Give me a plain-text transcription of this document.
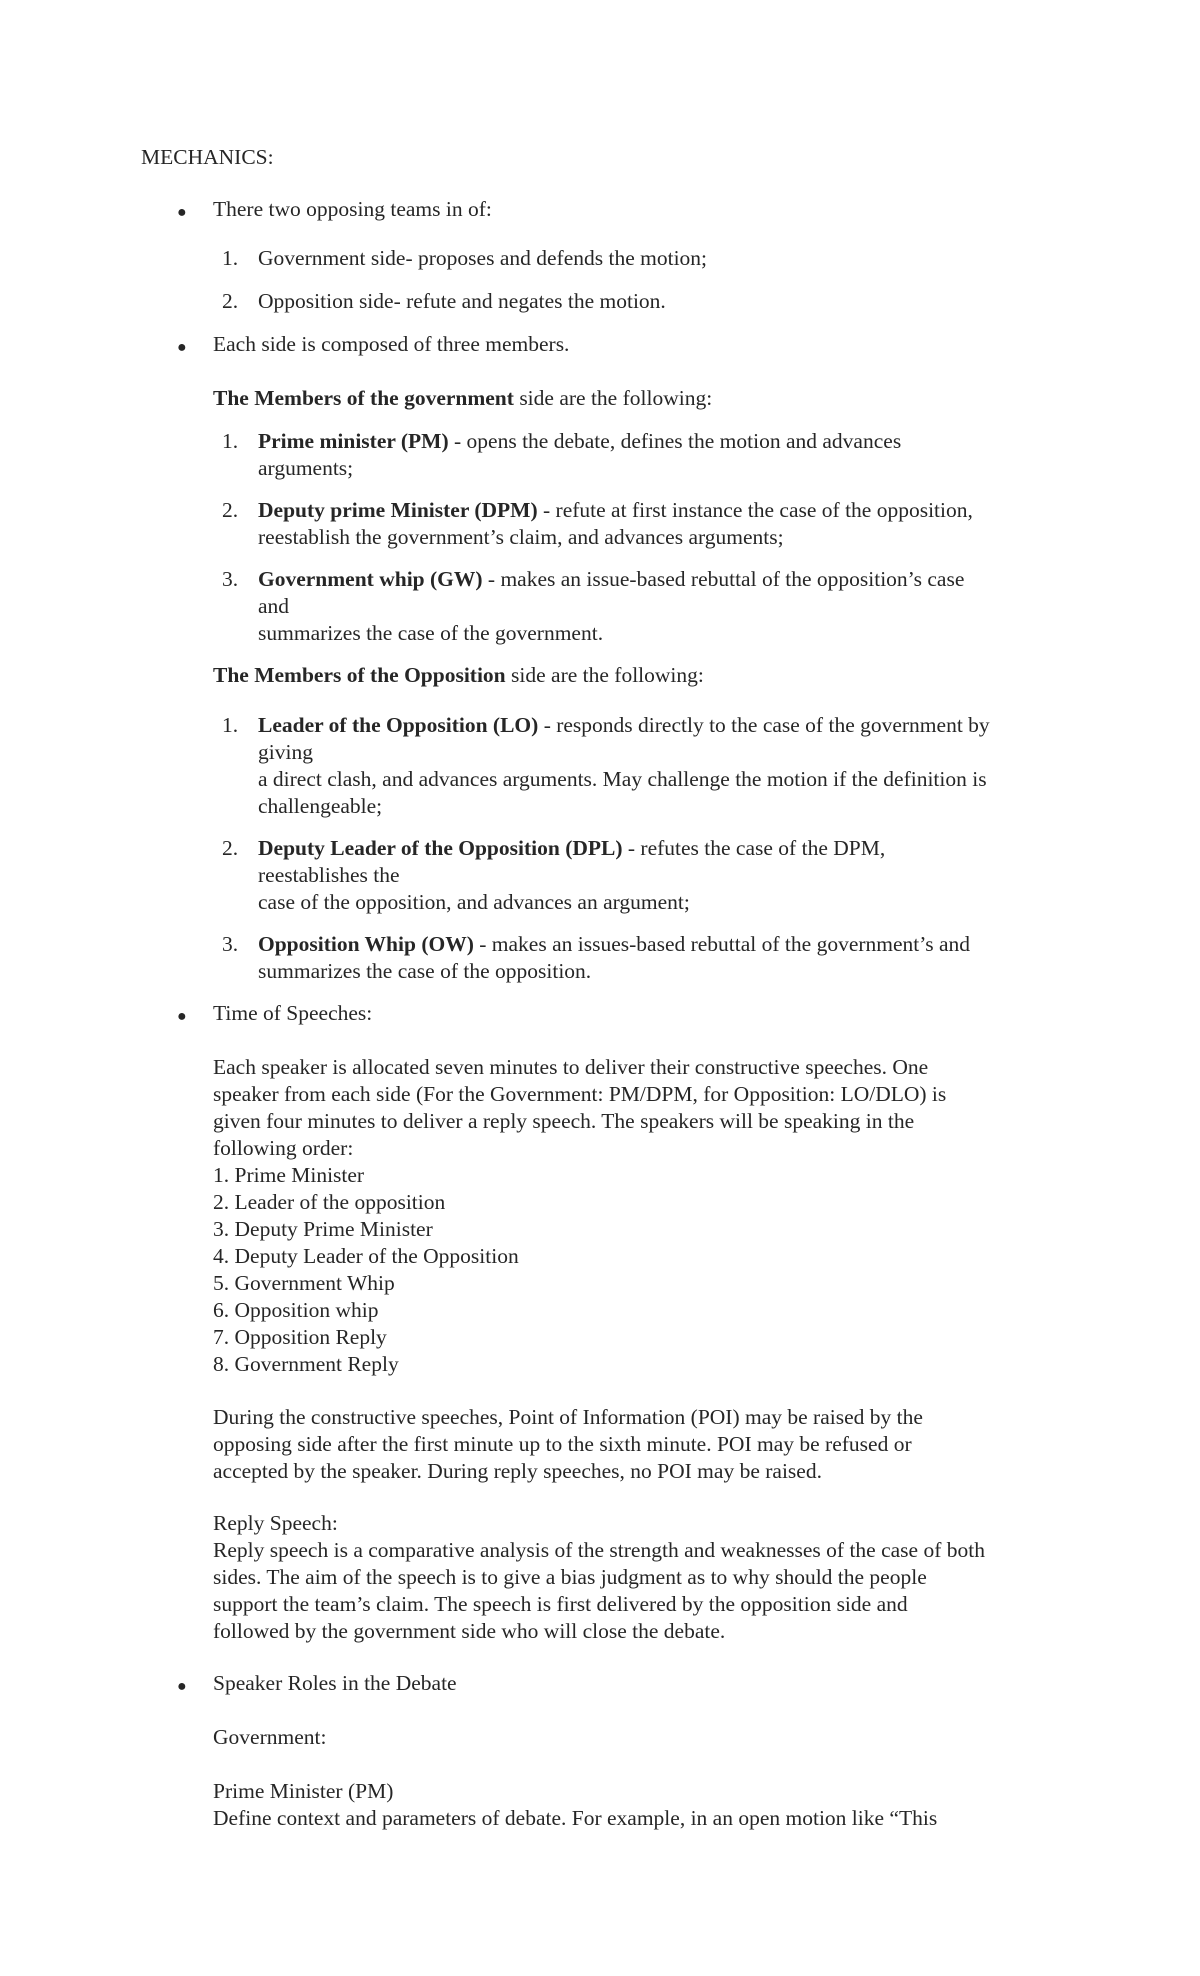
MECHANICS:
● There two opposing teams in of:
1. Government side- proposes and defends the motion;
2. Opposition side- refute and negates the motion.
● Each side is composed of three members.
The Members of the government side are the following:
1. Prime minister (PM) - opens the debate, defines the motion and advances
arguments;
2. Deputy prime Minister (DPM) - refute at first instance the case of the opposition,
reestablish the government’s claim, and advances arguments;
3. Government whip (GW) - makes an issue-based rebuttal of the opposition’s case
and
summarizes the case of the government.
The Members of the Opposition side are the following:
1. Leader of the Opposition (LO) - responds directly to the case of the government by
giving
a direct clash, and advances arguments. May challenge the motion if the definition is
challengeable;
2. Deputy Leader of the Opposition (DPL) - refutes the case of the DPM,
reestablishes the
case of the opposition, and advances an argument;
3. Opposition Whip (OW) - makes an issues-based rebuttal of the government’s and
summarizes the case of the opposition.
● Time of Speeches:
Each speaker is allocated seven minutes to deliver their constructive speeches. One
speaker from each side (For the Government: PM/DPM, for Opposition: LO/DLO) is
given four minutes to deliver a reply speech. The speakers will be speaking in the
following order:
1. Prime Minister
2. Leader of the opposition
3. Deputy Prime Minister
4. Deputy Leader of the Opposition
5. Government Whip
6. Opposition whip
7. Opposition Reply
8. Government Reply
During the constructive speeches, Point of Information (POI) may be raised by the
opposing side after the first minute up to the sixth minute. POI may be refused or
accepted by the speaker. During reply speeches, no POI may be raised.
Reply Speech:
Reply speech is a comparative analysis of the strength and weaknesses of the case of both
sides. The aim of the speech is to give a bias judgment as to why should the people
support the team’s claim. The speech is first delivered by the opposition side and
followed by the government side who will close the debate.
● Speaker Roles in the Debate
Government:
Prime Minister (PM)
Define context and parameters of debate. For example, in an open motion like “This
